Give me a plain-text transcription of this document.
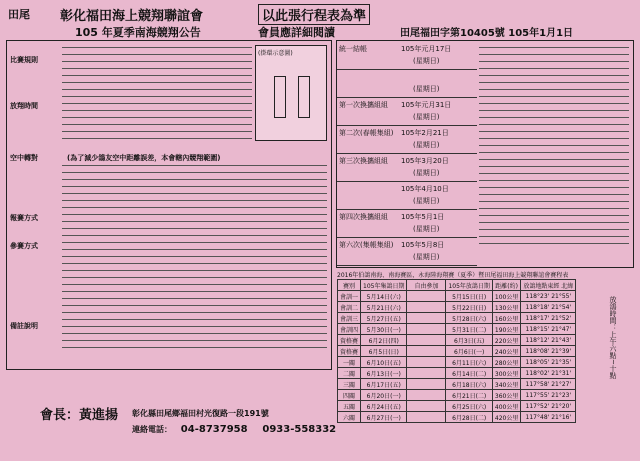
田尾 彰化福田海上競翔聯誼會	以此張行程表為準
105 年夏季南海競翔公告	會員應詳細閱讀	田尾福田字第10405號 105年1月1日
比賽規則
放翔時間
空中轉對
報賽方式
參賽方式
備註說明
(為了減少鴿友空中距離誤差，本會轄內競翔範圍)
(掛環示意圖)
會長：黃進揚 彰化縣田尾鄉福田村光復路一段191號
連絡電話： 04-8737958 0933-558332
統一結帳	105年元月17日
(星期日)
(星期日)
第一次換攜組組	105年元月31日
(星期日)
第二次(春帳集組)	105年2月21日
(星期日)
第三次換攜組組	105年3月20日
(星期日)
105年4月10日
(星期日)
第四次換攜組組	105年5月1日
(星期日)
第六次(集帳集組)	105年5月8日
(星期日)
2016年伯鴿南海、南海賽區，永海陸海翔賽（夏季）暨田尾福田海上競翔聯誼會賽程表
賽別	105年集鴿日期	自由參加	105年放鴿日期	距離(約)	放鴿地點東經 北緯
會訓一	5月14日(六)		5月15日(日)	100公里	118°23' 21°55'
會訓二	5月21日(六)		5月22日(日)	130公里	118°18' 21°54'
會訓三	5月27日(五)		5月28日(六)	160公里	118°17' 21°52'
會訓四	5月30日(一)		5月31日(二)	190公里	118°15' 21°47'
資格賽	6月2日(四)		6月3日(五)	220公里	118°12' 21°43'
資格賽	6月5日(日)		6月6日(一)	240公里	118°08' 21°39'
一關	6月10日(五)		6月11日(六)	280公里	118°05' 21°35'
二關	6月13日(一)		6月14日(二)	300公里	118°02' 21°31'
三關	6月17日(五)		6月18日(六)	340公里	117°58' 21°27'
四關	6月20日(一)		6月21日(二)	360公里	117°55' 21°23'
五關	6月24日(五)		6月25日(六)	400公里	117°52' 21°20'
六關	6月27日(一)		6月28日(二)	420公里	117°48' 21°16'
放鴿時間：上午六點~十點
